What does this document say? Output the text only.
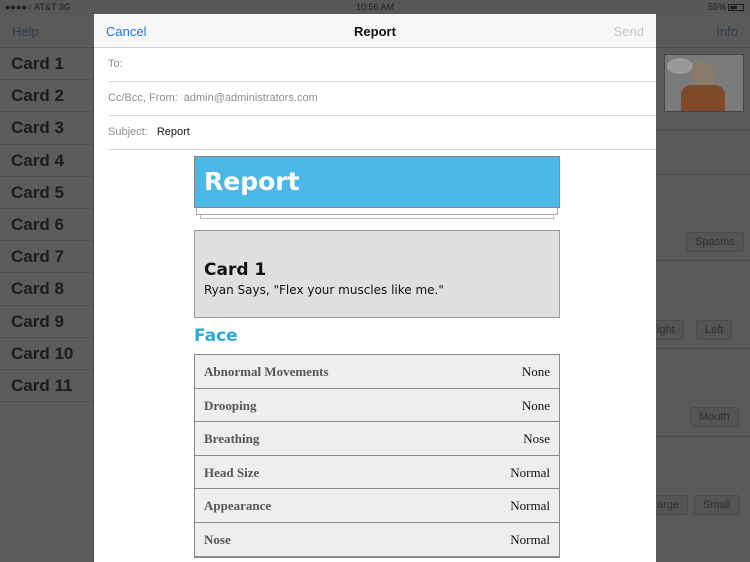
●●●●○ AT&T 3G	10:56 AM	55%
Help	Info
Card 1
Card 2
Card 3
Card 4
Card 5
Card 6
Card 7
Card 8
Card 9
Card 10
Card 11
Spasms
ight	Left
Mouth
arge	Small
Cancel	Report	Send
To:
Cc/Bcc, From: admin@administrators.com
Subject: Report
Report
Card 1
Ryan Says, "Flex your muscles like me."
Face
Abnormal Movements	None
Drooping	None
Breathing	Nose
Head Size	Normal
Appearance	Normal
Nose	Normal
